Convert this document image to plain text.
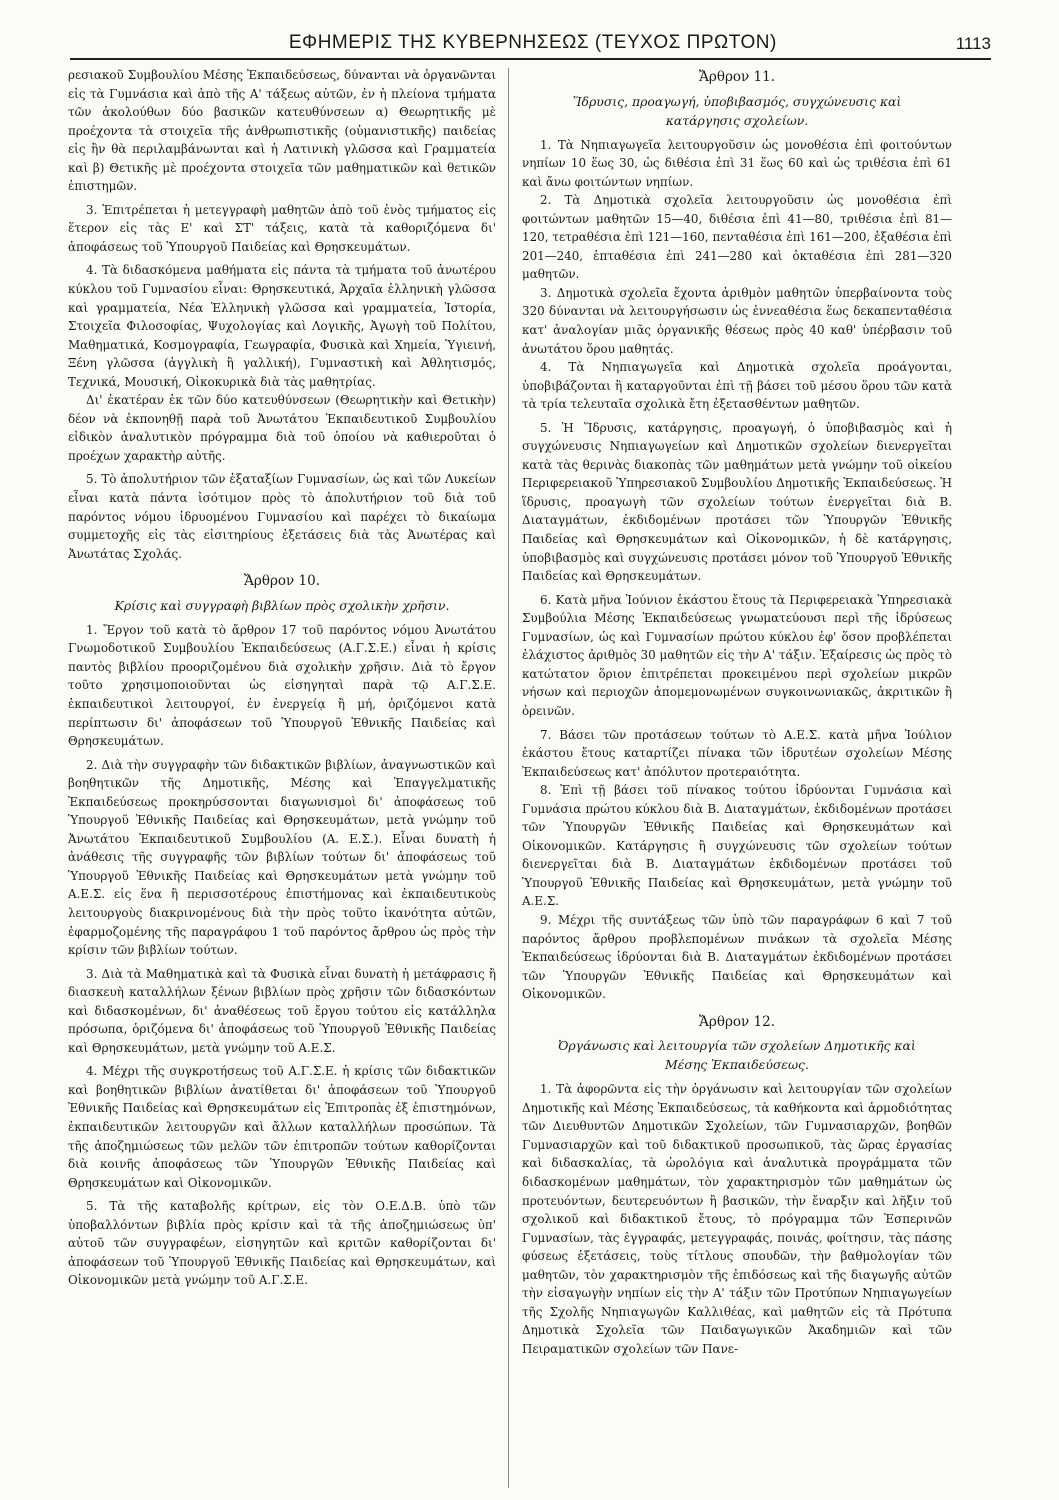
ΕΦΗΜΕΡΙΣ ΤΗΣ ΚΥΒΕΡΝΗΣΕΩΣ (ΤΕΥΧΟΣ ΠΡΩΤΟΝ)	1113

ρεσιακοῦ Συμβουλίου Μέσης Ἐκπαιδεύσεως, δύνανται νὰ ὀργανῶνται εἰς τὰ Γυμνάσια καὶ ἀπὸ τῆς Α' τάξεως αὐτῶν, ἐν ἡ πλείονα τμήματα τῶν ἀκολούθων δύο βασικῶν κατευθύνσεων α) Θεωρητικῆς μὲ προέχοντα τὰ στοιχεῖα τῆς ἀνθρωπιστικῆς (οὑμανιστικῆς) παιδείας εἰς ἣν θὰ περιλαμβάνωνται καὶ ἡ Λατινικὴ γλῶσσα καὶ Γραμματεία καὶ β) Θετικῆς μὲ προέχοντα στοιχεῖα τῶν μαθηματικῶν καὶ θετικῶν ἐπιστημῶν.

3. Ἐπιτρέπεται ἡ μετεγγραφὴ μαθητῶν ἀπὸ τοῦ ἑνὸς τμήματος εἰς ἕτερον εἰς τὰς Ε' καὶ ΣΤ' τάξεις, κατὰ τὰ καθοριζόμενα δι' ἀποφάσεως τοῦ Ὑπουργοῦ Παιδείας καὶ Θρησκευμάτων.

4. Τὰ διδασκόμενα μαθήματα εἰς πάντα τὰ τμήματα τοῦ ἀνωτέρου κύκλου τοῦ Γυμνασίου εἶναι: Θρησκευτικά, Ἀρχαῖα ἑλληνικὴ γλῶσσα καὶ γραμματεία, Νέα Ἑλληνικὴ γλῶσσα καὶ γραμματεία, Ἱστορία, Στοιχεῖα Φιλοσοφίας, Ψυχολογίας καὶ Λογικῆς, Ἀγωγὴ τοῦ Πολίτου, Μαθηματικά, Κοσμογραφία, Γεωγραφία, Φυσικὰ καὶ Χημεία, Ὑγιεινή, Ξένη γλῶσσα (ἀγγλικὴ ἢ γαλλική), Γυμναστικὴ καὶ Ἀθλητισμός, Τεχνικά, Μουσική, Οἰκοκυρικὰ διὰ τὰς μαθητρίας.

Δι' ἑκατέραν ἐκ τῶν δύο κατευθύνσεων (Θεωρητικὴν καὶ Θετικὴν) δέον νὰ ἐκπονηθῇ παρὰ τοῦ Ἀνωτάτου Ἐκπαιδευτικοῦ Συμβουλίου εἰδικὸν ἀναλυτικὸν πρόγραμμα διὰ τοῦ ὁποίου νὰ καθιεροῦται ὁ προέχων χαρακτὴρ αὐτῆς.

5. Τὸ ἀπολυτήριον τῶν ἑξαταξίων Γυμνασίων, ὡς καὶ τῶν Λυκείων εἶναι κατὰ πάντα ἰσότιμον πρὸς τὸ ἀπολυτήριον τοῦ διὰ τοῦ παρόντος νόμου ἱδρυομένου Γυμνασίου καὶ παρέχει τὸ δικαίωμα συμμετοχῆς εἰς τὰς εἰσιτηρίους ἐξετάσεις διὰ τὰς Ἀνωτέρας καὶ Ἀνωτάτας Σχολάς.

Ἄρθρον 10.
Κρίσις καὶ συγγραφὴ βιβλίων πρὸς σχολικὴν χρῆσιν.

1. Ἔργον τοῦ κατὰ τὸ ἄρθρον 17 τοῦ παρόντος νόμου Ἀνωτάτου Γνωμοδοτικοῦ Συμβουλίου Ἐκπαιδεύσεως (Α.Γ.Σ.Ε.) εἶναι ἡ κρίσις παντὸς βιβλίου προοριζομένου διὰ σχολικὴν χρῆσιν. Διὰ τὸ ἔργον τοῦτο χρησιμοποιοῦνται ὡς εἰσηγηταὶ παρὰ τῷ Α.Γ.Σ.Ε. ἐκπαιδευτικοὶ λειτουργοί, ἐν ἐνεργείᾳ ἢ μή, ὁριζόμενοι κατὰ περίπτωσιν δι' ἀποφάσεων τοῦ Ὑπουργοῦ Ἐθνικῆς Παιδείας καὶ Θρησκευμάτων.

2. Διὰ τὴν συγγραφὴν τῶν διδακτικῶν βιβλίων, ἀναγνωστικῶν καὶ βοηθητικῶν τῆς Δημοτικῆς, Μέσης καὶ Ἐπαγγελματικῆς Ἐκπαιδεύσεως προκηρύσσονται διαγωνισμοὶ δι' ἀποφάσεως τοῦ Ὑπουργοῦ Ἐθνικῆς Παιδείας καὶ Θρησκευμάτων, μετὰ γνώμην τοῦ Ἀνωτάτου Ἐκπαιδευτικοῦ Συμβουλίου (Α. Ε.Σ.). Εἶναι δυνατὴ ἡ ἀνάθεσις τῆς συγγραφῆς τῶν βιβλίων τούτων δι' ἀποφάσεως τοῦ Ὑπουργοῦ Ἐθνικῆς Παιδείας καὶ Θρησκευμάτων μετὰ γνώμην τοῦ Α.Ε.Σ. εἰς ἕνα ἢ περισσοτέρους ἐπιστήμονας καὶ ἐκπαιδευτικοὺς λειτουργοὺς διακρινομένους διὰ τὴν πρὸς τοῦτο ἱκανότητα αὐτῶν, ἐφαρμοζομένης τῆς παραγράφου 1 τοῦ παρόντος ἄρθρου ὡς πρὸς τὴν κρίσιν τῶν βιβλίων τούτων.

3. Διὰ τὰ Μαθηματικὰ καὶ τὰ Φυσικὰ εἶναι δυνατὴ ἡ μετάφρασις ἢ διασκευὴ καταλλήλων ξένων βιβλίων πρὸς χρῆσιν τῶν διδασκόντων καὶ διδασκομένων, δι' ἀναθέσεως τοῦ ἔργου τούτου εἰς κατάλληλα πρόσωπα, ὁριζόμενα δι' ἀποφάσεως τοῦ Ὑπουργοῦ Ἐθνικῆς Παιδείας καὶ Θρησκευμάτων, μετὰ γνώμην τοῦ Α.Ε.Σ.

4. Μέχρι τῆς συγκροτήσεως τοῦ Α.Γ.Σ.Ε. ἡ κρίσις τῶν διδακτικῶν καὶ βοηθητικῶν βιβλίων ἀνατίθεται δι' ἀποφάσεων τοῦ Ὑπουργοῦ Ἐθνικῆς Παιδείας καὶ Θρησκευμάτων εἰς Ἐπιτροπὰς ἐξ ἐπιστημόνων, ἐκπαιδευτικῶν λειτουργῶν καὶ ἄλλων καταλλήλων προσώπων. Τὰ τῆς ἀποζημιώσεως τῶν μελῶν τῶν ἐπιτροπῶν τούτων καθορίζονται διὰ κοινῆς ἀποφάσεως τῶν Ὑπουργῶν Ἐθνικῆς Παιδείας καὶ Θρησκευμάτων καὶ Οἰκονομικῶν.

5. Τὰ τῆς καταβολῆς κρίτρων, εἰς τὸν Ο.Ε.Δ.Β. ὑπὸ τῶν ὑποβαλλόντων βιβλία πρὸς κρίσιν καὶ τὰ τῆς ἀποζημιώσεως ὑπ' αὐτοῦ τῶν συγγραφέων, εἰσηγητῶν καὶ κριτῶν καθορίζονται δι' ἀποφάσεων τοῦ Ὑπουργοῦ Ἐθνικῆς Παιδείας καὶ Θρησκευμάτων, καὶ Οἰκονομικῶν μετὰ γνώμην τοῦ Α.Γ.Σ.Ε.

Ἄρθρον 11.
Ἵδρυσις, προαγωγή, ὑποβιβασμός, συγχώνευσις καὶ κατάργησις σχολείων.

1. Τὰ Νηπιαγωγεῖα λειτουργοῦσιν ὡς μονοθέσια ἐπὶ φοιτούντων νηπίων 10 ἕως 30, ὡς διθέσια ἐπὶ 31 ἕως 60 καὶ ὡς τριθέσια ἐπὶ 61 καὶ ἄνω φοιτώντων νηπίων.

2. Τὰ Δημοτικὰ σχολεῖα λειτουργοῦσιν ὡς μονοθέσια ἐπὶ φοιτώντων μαθητῶν 15—40, διθέσια ἐπὶ 41—80, τριθέσια ἐπὶ 81—120, τετραθέσια ἐπὶ 121—160, πενταθέσια ἐπὶ 161—200, ἑξαθέσια ἐπὶ 201—240, ἑπταθέσια ἐπὶ 241—280 καὶ ὀκταθέσια ἐπὶ 281—320 μαθητῶν.

3. Δημοτικὰ σχολεῖα ἔχοντα ἀριθμὸν μαθητῶν ὑπερβαίνοντα τοὺς 320 δύνανται νὰ λειτουργήσωσιν ὡς ἐννεαθέσια ἕως δεκαπενταθέσια κατ' ἀναλογίαν μιᾶς ὀργανικῆς θέσεως πρὸς 40 καθ' ὑπέρβασιν τοῦ ἀνωτάτου ὅρου μαθητάς.

4. Τὰ Νηπιαγωγεῖα καὶ Δημοτικὰ σχολεῖα προάγονται, ὑποβιβάζονται ἢ καταργοῦνται ἐπὶ τῇ βάσει τοῦ μέσου ὅρου τῶν κατὰ τὰ τρία τελευταῖα σχολικὰ ἔτη ἐξετασθέντων μαθητῶν.

5. Ἡ Ἵδρυσις, κατάργησις, προαγωγή, ὁ ὑποβιβασμὸς καὶ ἡ συγχώνευσις Νηπιαγωγείων καὶ Δημοτικῶν σχολείων διενεργεῖται κατὰ τὰς θερινὰς διακοπὰς τῶν μαθημάτων μετὰ γνώμην τοῦ οἰκείου Περιφερειακοῦ Ὑπηρεσιακοῦ Συμβουλίου Δημοτικῆς Ἐκπαιδεύσεως. Ἡ ἵδρυσις, προαγωγὴ τῶν σχολείων τούτων ἐνεργεῖται διὰ Β. Διαταγμάτων, ἐκδιδομένων προτάσει τῶν Ὑπουργῶν Ἐθνικῆς Παιδείας καὶ Θρησκευμάτων καὶ Οἰκονομικῶν, ἡ δὲ κατάργησις, ὑποβιβασμὸς καὶ συγχώνευσις προτάσει μόνον τοῦ Ὑπουργοῦ Ἐθνικῆς Παιδείας καὶ Θρησκευμάτων.

6. Κατὰ μῆνα Ἰούνιον ἑκάστου ἔτους τὰ Περιφερειακὰ Ὑπηρεσιακὰ Συμβούλια Μέσης Ἐκπαιδεύσεως γνωματεύουσι περὶ τῆς ἱδρύσεως Γυμνασίων, ὡς καὶ Γυμνασίων πρώτου κύκλου ἐφ' ὅσον προβλέπεται ἐλάχιστος ἀριθμὸς 30 μαθητῶν εἰς τὴν Α' τάξιν. Ἐξαίρεσις ὡς πρὸς τὸ κατώτατον ὅριον ἐπιτρέπεται προκειμένου περὶ σχολείων μικρῶν νήσων καὶ περιοχῶν ἀπομεμονωμένων συγκοινωνιακῶς, ἀκριτικῶν ἢ ὀρεινῶν.

7. Βάσει τῶν προτάσεων τούτων τὸ Α.Ε.Σ. κατὰ μῆνα Ἰούλιον ἑκάστου ἔτους καταρτίζει πίνακα τῶν ἱδρυτέων σχολείων Μέσης Ἐκπαιδεύσεως κατ' ἀπόλυτον προτεραιότητα.

8. Ἐπὶ τῇ βάσει τοῦ πίνακος τούτου ἱδρύονται Γυμνάσια καὶ Γυμνάσια πρώτου κύκλου διὰ Β. Διαταγμάτων, ἐκδιδομένων προτάσει τῶν Ὑπουργῶν Ἐθνικῆς Παιδείας καὶ Θρησκευμάτων καὶ Οἰκονομικῶν. Κατάργησις ἢ συγχώνευσις τῶν σχολείων τούτων διενεργεῖται διὰ Β. Διαταγμάτων ἐκδιδομένων προτάσει τοῦ Ὑπουργοῦ Ἐθνικῆς Παιδείας καὶ Θρησκευμάτων, μετὰ γνώμην τοῦ Α.Ε.Σ.

9. Μέχρι τῆς συντάξεως τῶν ὑπὸ τῶν παραγράφων 6 καὶ 7 τοῦ παρόντος ἄρθρου προβλεπομένων πινάκων τὰ σχολεῖα Μέσης Ἐκπαιδεύσεως ἱδρύονται διὰ Β. Διαταγμάτων ἐκδιδομένων προτάσει τῶν Ὑπουργῶν Ἐθνικῆς Παιδείας καὶ Θρησκευμάτων καὶ Οἰκονομικῶν.

Ἄρθρον 12.
Ὀργάνωσις καὶ λειτουργία τῶν σχολείων Δημοτικῆς καὶ Μέσης Ἐκπαιδεύσεως.

1. Τὰ ἀφορῶντα εἰς τὴν ὀργάνωσιν καὶ λειτουργίαν τῶν σχολείων Δημοτικῆς καὶ Μέσης Ἐκπαιδεύσεως, τὰ καθήκοντα καὶ ἁρμοδιότητας τῶν Διευθυντῶν Δημοτικῶν Σχολείων, τῶν Γυμνασιαρχῶν, βοηθῶν Γυμνασιαρχῶν καὶ τοῦ διδακτικοῦ προσωπικοῦ, τὰς ὥρας ἐργασίας καὶ διδασκαλίας, τὰ ὡρολόγια καὶ ἀναλυτικὰ προγράμματα τῶν διδασκομένων μαθημάτων, τὸν χαρακτηρισμὸν τῶν μαθημάτων ὡς προτευόντων, δευτερευόντων ἢ βασικῶν, τὴν ἔναρξιν καὶ λῆξιν τοῦ σχολικοῦ καὶ διδακτικοῦ ἔτους, τὸ πρόγραμμα τῶν Ἑσπερινῶν Γυμνασίων, τὰς ἐγγραφάς, μετεγγραφάς, ποινάς, φοίτησιν, τὰς πάσης φύσεως ἐξετάσεις, τοὺς τίτλους σπουδῶν, τὴν βαθμολογίαν τῶν μαθητῶν, τὸν χαρακτηρισμὸν τῆς ἐπιδόσεως καὶ τῆς διαγωγῆς αὐτῶν τὴν εἰσαγωγὴν νηπίων εἰς τὴν Α' τάξιν τῶν Προτύπων Νηπιαγωγείων τῆς Σχολῆς Νηπιαγωγῶν Καλλιθέας, καὶ μαθητῶν εἰς τὰ Πρότυπα Δημοτικὰ Σχολεῖα τῶν Παιδαγωγικῶν Ἀκαδημιῶν καὶ τῶν Πειραματικῶν σχολείων τῶν Πανε-
